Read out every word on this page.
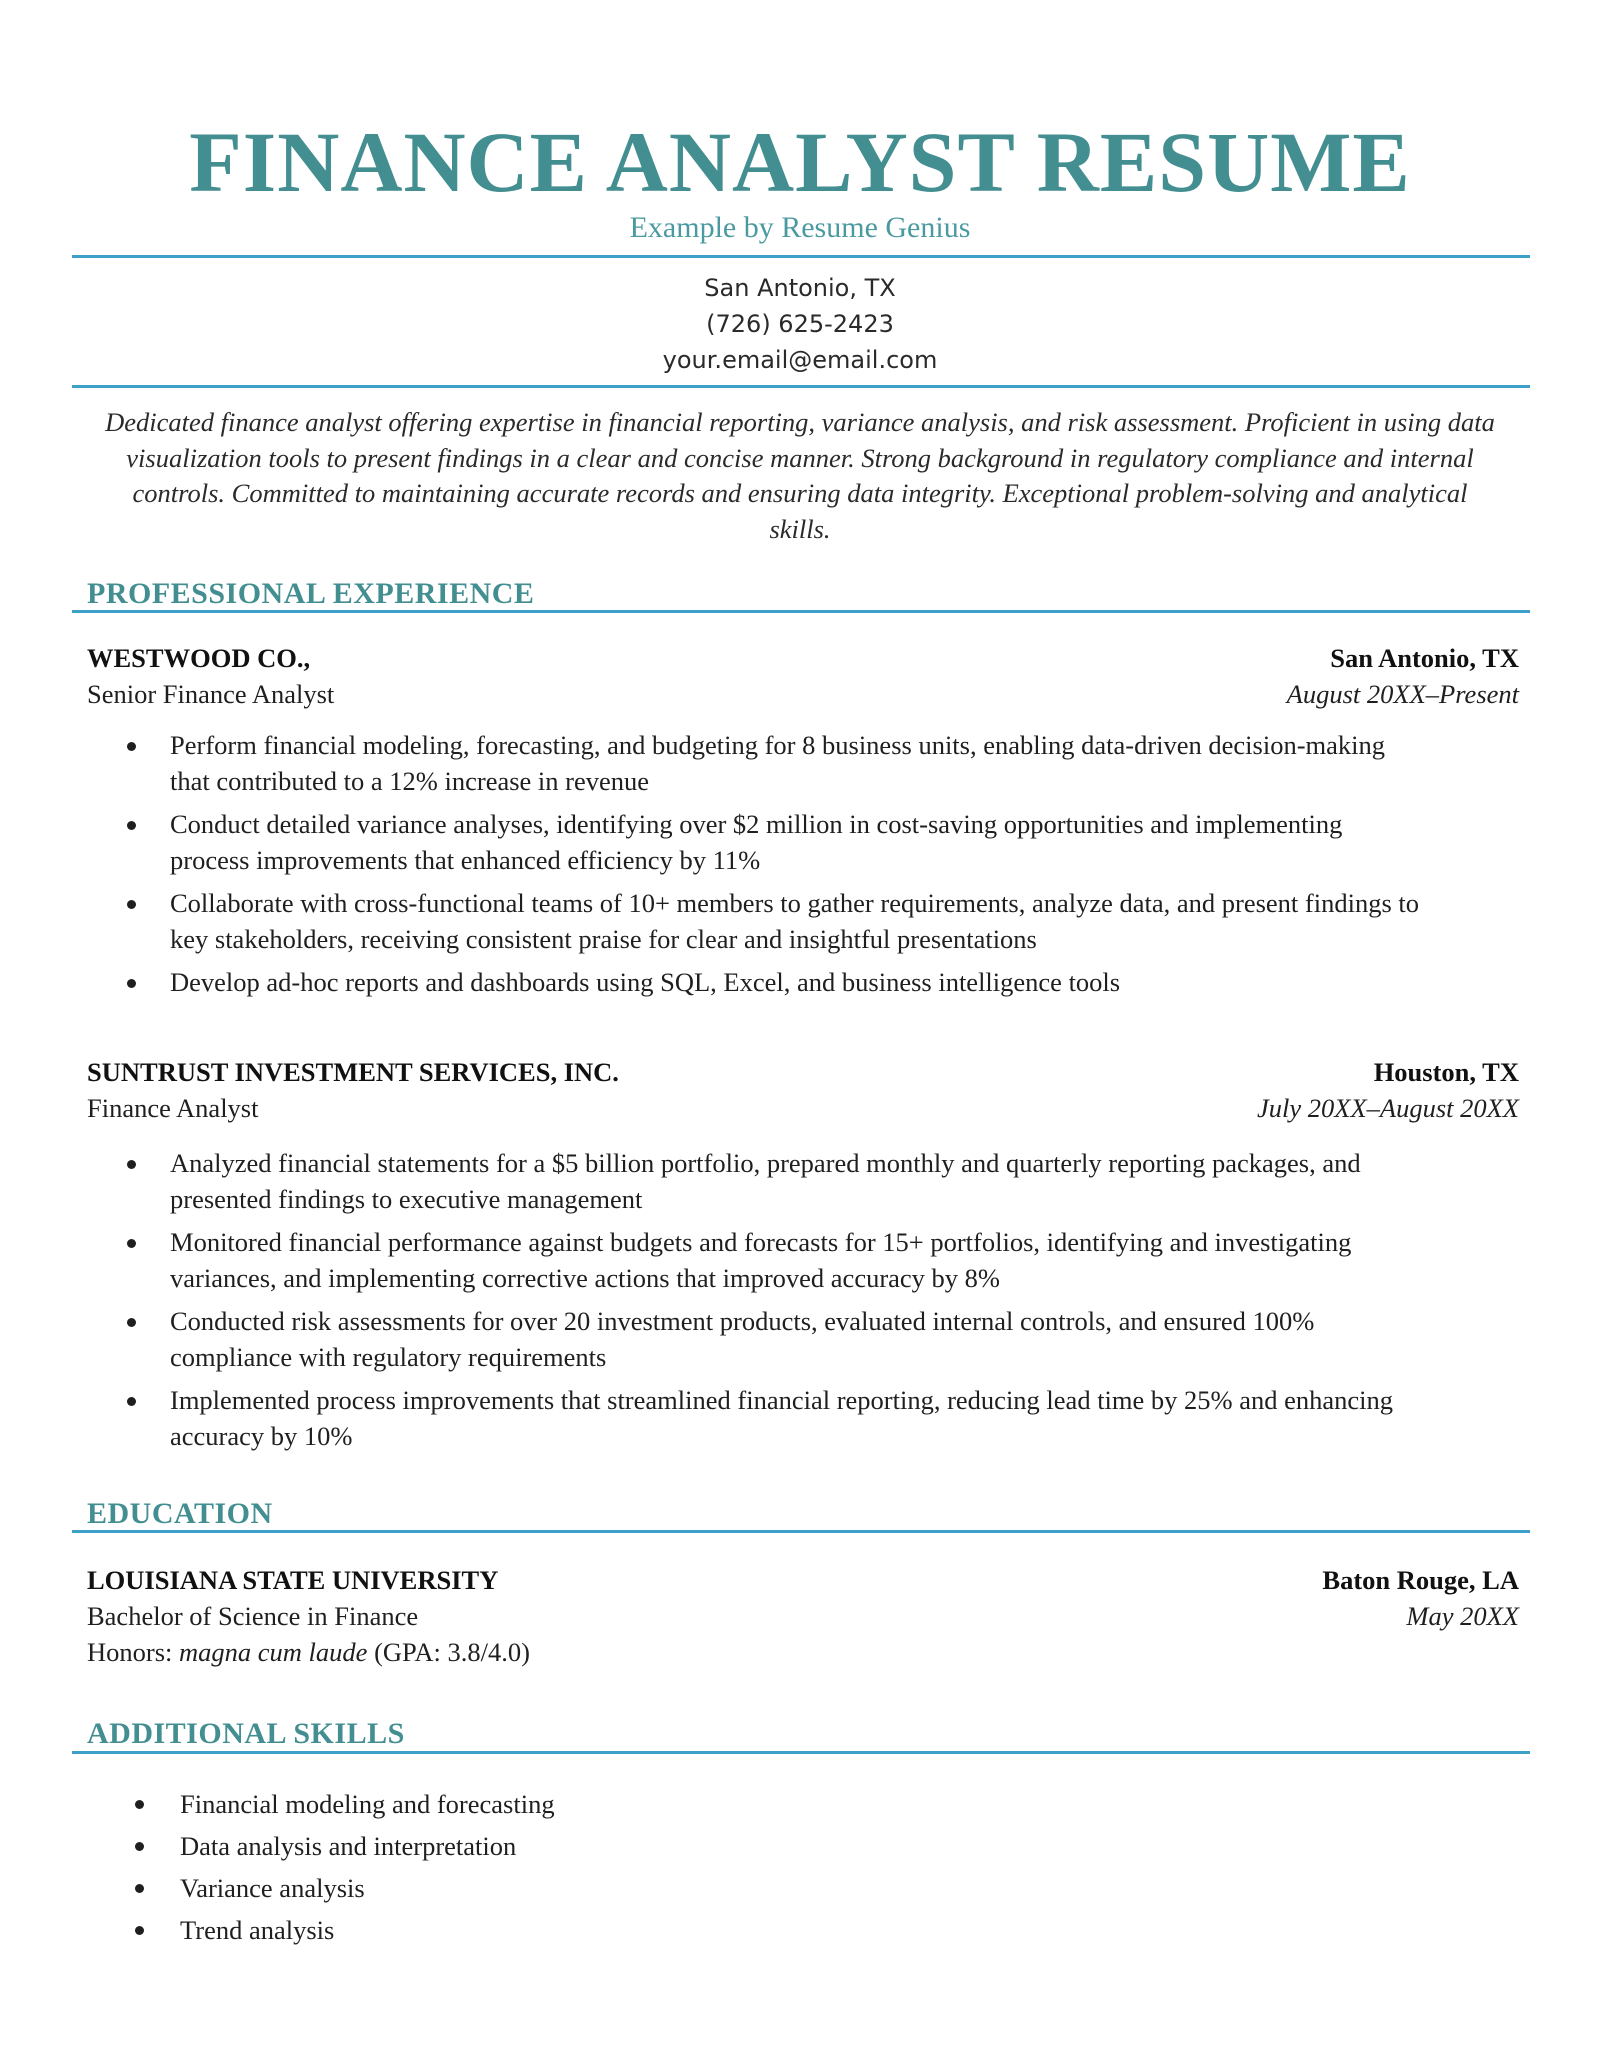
FINANCE ANALYST RESUME
Example by Resume Genius
San Antonio, TX
(726) 625-2423
your.email@email.com
Dedicated finance analyst offering expertise in financial reporting, variance analysis, and risk assessment. Proficient in using data visualization tools to present findings in a clear and concise manner. Strong background in regulatory compliance and internal controls. Committed to maintaining accurate records and ensuring data integrity. Exceptional problem-solving and analytical skills.
PROFESSIONAL EXPERIENCE
WESTWOOD CO.,	San Antonio, TX
Senior Finance Analyst	August 20XX–Present
Perform financial modeling, forecasting, and budgeting for 8 business units, enabling data-driven decision-making that contributed to a 12% increase in revenue
Conduct detailed variance analyses, identifying over $2 million in cost-saving opportunities and implementing process improvements that enhanced efficiency by 11%
Collaborate with cross-functional teams of 10+ members to gather requirements, analyze data, and present findings to key stakeholders, receiving consistent praise for clear and insightful presentations
Develop ad-hoc reports and dashboards using SQL, Excel, and business intelligence tools
SUNTRUST INVESTMENT SERVICES, INC.	Houston, TX
Finance Analyst	July 20XX–August 20XX
Analyzed financial statements for a $5 billion portfolio, prepared monthly and quarterly reporting packages, and presented findings to executive management
Monitored financial performance against budgets and forecasts for 15+ portfolios, identifying and investigating variances, and implementing corrective actions that improved accuracy by 8%
Conducted risk assessments for over 20 investment products, evaluated internal controls, and ensured 100% compliance with regulatory requirements
Implemented process improvements that streamlined financial reporting, reducing lead time by 25% and enhancing accuracy by 10%
EDUCATION
LOUISIANA STATE UNIVERSITY	Baton Rouge, LA
Bachelor of Science in Finance	May 20XX
Honors: magna cum laude (GPA: 3.8/4.0)
ADDITIONAL SKILLS
Financial modeling and forecasting
Data analysis and interpretation
Variance analysis
Trend analysis
